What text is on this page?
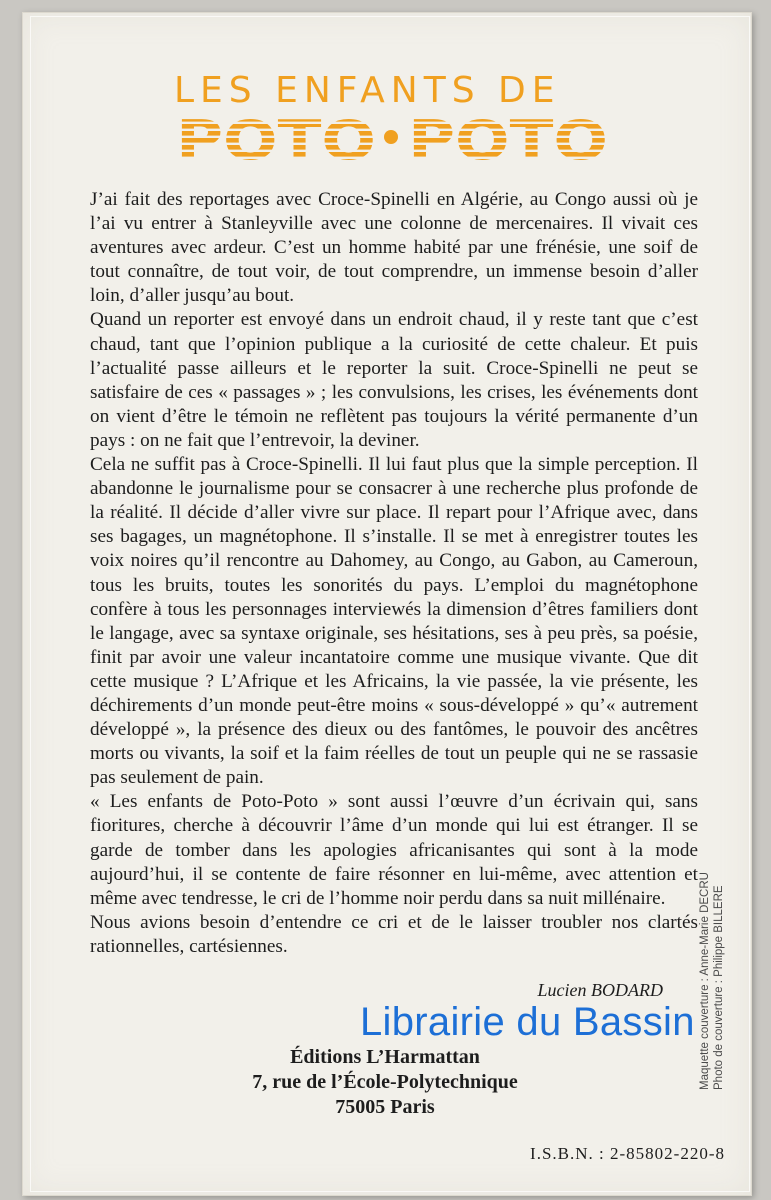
LES ENFANTS DE
POTO POTO

J’ai fait des reportages avec Croce-Spinelli en Algérie, au Congo aussi où je l’ai vu entrer à Stanleyville avec une colonne de mercenaires. Il vivait ces aventures avec ardeur. C’est un homme habité par une frénésie, une soif de tout connaître, de tout voir, de tout comprendre, un immense besoin d’aller loin, d’aller jusqu’au bout.

Quand un reporter est envoyé dans un endroit chaud, il y reste tant que c’est chaud, tant que l’opinion publique a la curiosité de cette chaleur. Et puis l’actualité passe ailleurs et le reporter la suit. Croce-Spinelli ne peut se satisfaire de ces « passages » ; les convulsions, les crises, les événements dont on vient d’être le témoin ne reflètent pas toujours la vérité permanente d’un pays : on ne fait que l’entrevoir, la deviner.

Cela ne suffit pas à Croce-Spinelli. Il lui faut plus que la simple perception. Il abandonne le journalisme pour se consacrer à une recherche plus profonde de la réalité. Il décide d’aller vivre sur place. Il repart pour l’Afrique avec, dans ses bagages, un magnétophone. Il s’installe. Il se met à enregistrer toutes les voix noires qu’il rencontre au Dahomey, au Congo, au Gabon, au Cameroun, tous les bruits, toutes les sonorités du pays. L’emploi du magnétophone confère à tous les personnages interviewés la dimension d’êtres familiers dont le langage, avec sa syntaxe originale, ses hésitations, ses à peu près, sa poésie, finit par avoir une valeur incantatoire comme une musique vivante. Que dit cette musique ? L’Afrique et les Africains, la vie passée, la vie présente, les déchirements d’un monde peut-être moins « sous-développé » qu’« autrement développé », la présence des dieux ou des fantômes, le pouvoir des ancêtres morts ou vivants, la soif et la faim réelles de tout un peuple qui ne se rassasie pas seulement de pain.

« Les enfants de Poto-Poto » sont aussi l’œuvre d’un écrivain qui, sans fioritures, cherche à découvrir l’âme d’un monde qui lui est étranger. Il se garde de tomber dans les apologies africanisantes qui sont à la mode aujourd’hui, il se contente de faire résonner en lui-même, avec attention et même avec tendresse, le cri de l’homme noir perdu dans sa nuit millénaire.

Nous avions besoin d’entendre ce cri et de le laisser troubler nos clartés rationnelles, cartésiennes.

Lucien BODARD
Librairie du Bassin
Éditions L’Harmattan
7, rue de l’École-Polytechnique
75005 Paris
Maquette couverture : Anne-Marie DECRU Photo de couverture : Philippe BILLERE
I.S.B.N. : 2-85802-220-8
